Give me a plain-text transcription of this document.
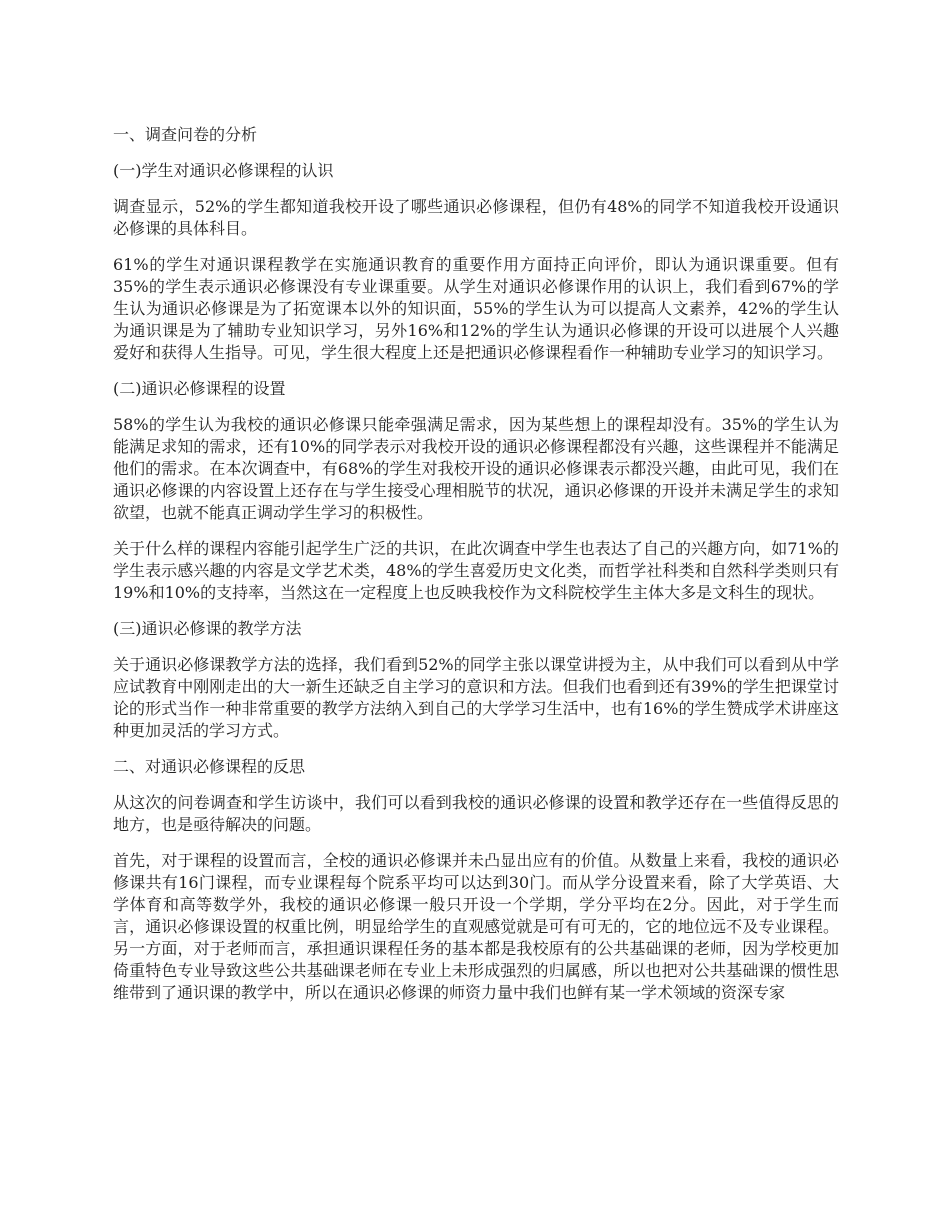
一、调查问卷的分析

(一)学生对通识必修课程的认识

调查显示，52%的学生都知道我校开设了哪些通识必修课程，但仍有48%的同学不知道我校开设通识必修课的具体科目。

61%的学生对通识课程教学在实施通识教育的重要作用方面持正向评价，即认为通识课重要。但有35%的学生表示通识必修课没有专业课重要。从学生对通识必修课作用的认识上，我们看到67%的学生认为通识必修课是为了拓宽课本以外的知识面，55%的学生认为可以提高人文素养，42%的学生认为通识课是为了辅助专业知识学习，另外16%和12%的学生认为通识必修课的开设可以进展个人兴趣爱好和获得人生指导。可见，学生很大程度上还是把通识必修课程看作一种辅助专业学习的知识学习。

(二)通识必修课程的设置

58%的学生认为我校的通识必修课只能牵强满足需求，因为某些想上的课程却没有。35%的学生认为能满足求知的需求，还有10%的同学表示对我校开设的通识必修课程都没有兴趣，这些课程并不能满足他们的需求。在本次调查中，有68%的学生对我校开设的通识必修课表示都没兴趣，由此可见，我们在通识必修课的内容设置上还存在与学生接受心理相脱节的状况，通识必修课的开设并未满足学生的求知欲望，也就不能真正调动学生学习的积极性。

关于什么样的课程内容能引起学生广泛的共识，在此次调查中学生也表达了自己的兴趣方向，如71%的学生表示感兴趣的内容是文学艺术类，48%的学生喜爱历史文化类，而哲学社科类和自然科学类则只有19%和10%的支持率，当然这在一定程度上也反映我校作为文科院校学生主体大多是文科生的现状。

(三)通识必修课的教学方法

关于通识必修课教学方法的选择，我们看到52%的同学主张以课堂讲授为主，从中我们可以看到从中学应试教育中刚刚走出的大一新生还缺乏自主学习的意识和方法。但我们也看到还有39%的学生把课堂讨论的形式当作一种非常重要的教学方法纳入到自己的大学学习生活中，也有16%的学生赞成学术讲座这种更加灵活的学习方式。

二、对通识必修课程的反思

从这次的问卷调查和学生访谈中，我们可以看到我校的通识必修课的设置和教学还存在一些值得反思的地方，也是亟待解决的问题。

首先，对于课程的设置而言，全校的通识必修课并未凸显出应有的价值。从数量上来看，我校的通识必修课共有16门课程，而专业课程每个院系平均可以达到30门。而从学分设置来看，除了大学英语、大学体育和高等数学外，我校的通识必修课一般只开设一个学期，学分平均在2分。因此，对于学生而言，通识必修课设置的权重比例，明显给学生的直观感觉就是可有可无的，它的地位远不及专业课程。另一方面，对于老师而言，承担通识课程任务的基本都是我校原有的公共基础课的老师，因为学校更加倚重特色专业导致这些公共基础课老师在专业上未形成强烈的归属感，所以也把对公共基础课的惯性思维带到了通识课的教学中，所以在通识必修课的师资力量中我们也鲜有某一学术领域的资深专家
